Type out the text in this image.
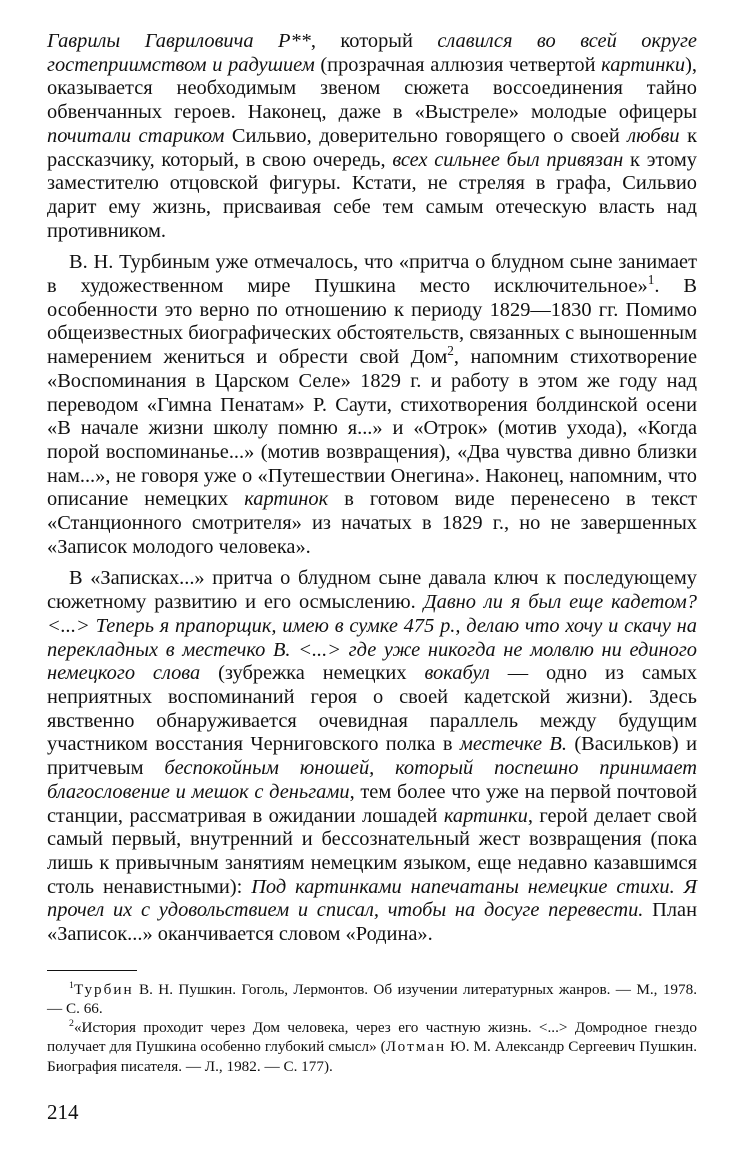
Гаврилы Гавриловича Р**, который славился во всей округе гостеприимством и радушием (прозрачная аллюзия четвертой картинки), оказывается необходимым звеном сюжета воссоединения тайно обвенчанных героев. Наконец, даже в «Выстреле» молодые офицеры почитали стариком Сильвио, доверительно говорящего о своей любви к рассказчику, который, в свою очередь, всех сильнее был привязан к этому заместителю отцовской фигуры. Кстати, не стреляя в графа, Сильвио дарит ему жизнь, присваивая себе тем самым отеческую власть над противником.

В. Н. Турбиным уже отмечалось, что «притча о блудном сыне занимает в художественном мире Пушкина место исключительное»$^1$. В особенности это верно по отношению к периоду 1829—1830 гг. Помимо общеизвестных биографических обстоятельств, связанных с выношенным намерением жениться и обрести свой Дом$^2$, напомним стихотворение «Воспоминания в Царском Селе» 1829 г. и работу в этом же году над переводом «Гимна Пенатам» Р. Саути, стихотворения болдинской осени «В начале жизни школу помню я...» и «Отрок» (мотив ухода), «Когда порой воспоминанье...» (мотив возвращения), «Два чувства дивно близки нам...», не говоря уже о «Путешествии Онегина». Наконец, напомним, что описание немецких картинок в готовом виде перенесено в текст «Станционного смотрителя» из начатых в 1829 г., но не завершенных «Записок молодого человека».

В «Записках...» притча о блудном сыне давала ключ к последующему сюжетному развитию и его осмыслению. Давно ли я был еще кадетом? <...> Теперь я прапорщик, имею в сумке 475 р., делаю что хочу и скачу на перекладных в местечко В. <...> где уже никогда не молвлю ни единого немецкого слова (зубрежка немецких вокабул — одно из самых неприятных воспоминаний героя о своей кадетской жизни). Здесь явственно обнаруживается очевидная параллель между будущим участником восстания Черниговского полка в местечке В. (Васильков) и притчевым беспокойным юношей, который поспешно принимает благословение и мешок с деньгами, тем более что уже на первой почтовой станции, рассматривая в ожидании лошадей картинки, герой делает свой самый первый, внутренний и бессознательный жест возвращения (пока лишь к привычным занятиям немецким языком, еще недавно казавшимся столь ненавистными): Под картинками напечатаны немецкие стихи. Я прочел их с удовольствием и списал, чтобы на досуге перевести. План «Записок...» оканчивается словом «Родина».

$^1$Турбин В. Н. Пушкин. Гоголь, Лермонтов. Об изучении литературных жанров. — М., 1978. — С. 66.

$^2$«История проходит через Дом человека, через его частную жизнь. <...> Домродное гнездо получает для Пушкина особенно глубокий смысл» (Лотман Ю. М. Александр Сергеевич Пушкин. Биография писателя. — Л., 1982. — С. 177).

214
